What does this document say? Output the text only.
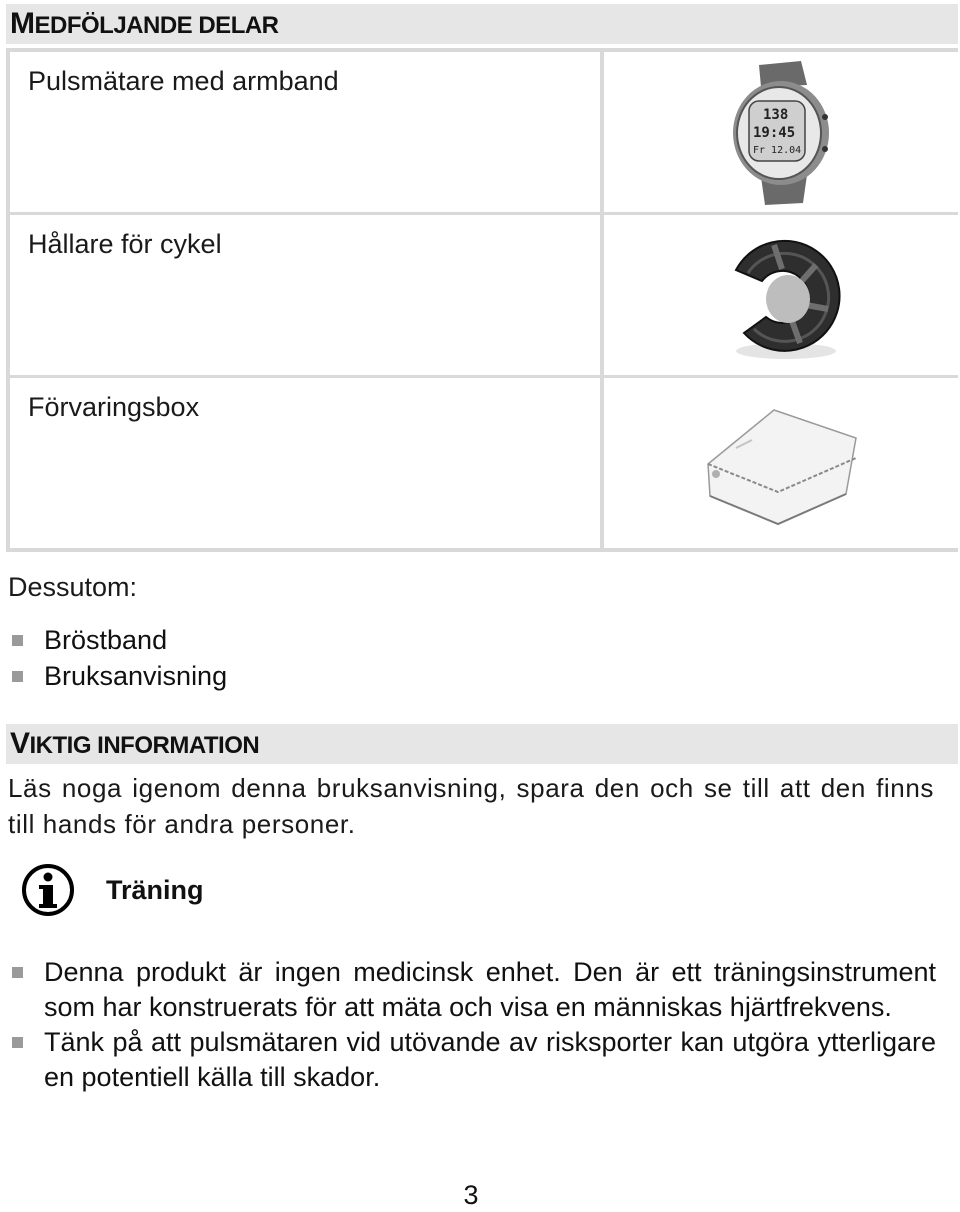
MEDFÖLJANDE DELAR
Pulsmätare med armband
138
19:45
Fr 12.04
Hållare för cykel
Förvaringsbox
Dessutom:
Bröstband
Bruksanvisning
VIKTIG INFORMATION
Läs noga igenom denna bruksanvisning, spara den och se till att den finns till hands för andra personer.
Träning
Denna produkt är ingen medicinsk enhet. Den är ett träningsinstrument som har konstruerats för att mäta och visa en människas hjärtfrekvens.
Tänk på att pulsmätaren vid utövande av risksporter kan utgöra ytterligare en potentiell källa till skador.
3
